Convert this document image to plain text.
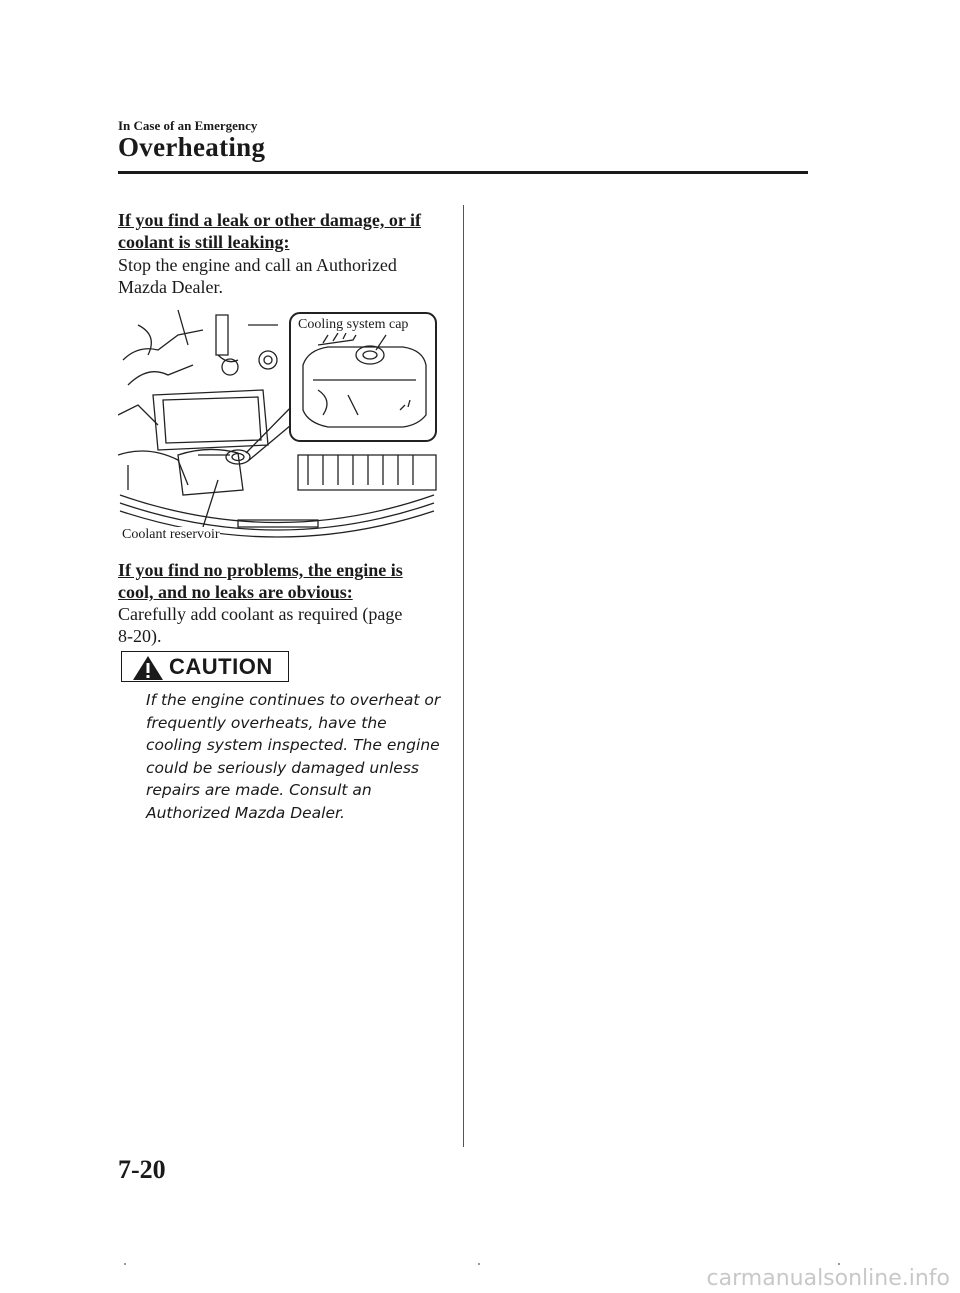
In Case of an Emergency
Overheating
If you find a leak or other damage, or if
coolant is still leaking:
Stop the engine and call an Authorized
Mazda Dealer.
Cooling system cap
Coolant reservoir
If you find no problems, the engine is
cool, and no leaks are obvious:
Carefully add coolant as required (page
8-20).
CAUTION
If the engine continues to overheat or
frequently overheats, have the
cooling system inspected. The engine
could be seriously damaged unless
repairs are made. Consult an
Authorized Mazda Dealer.
7-20
carmanualsonline.info
